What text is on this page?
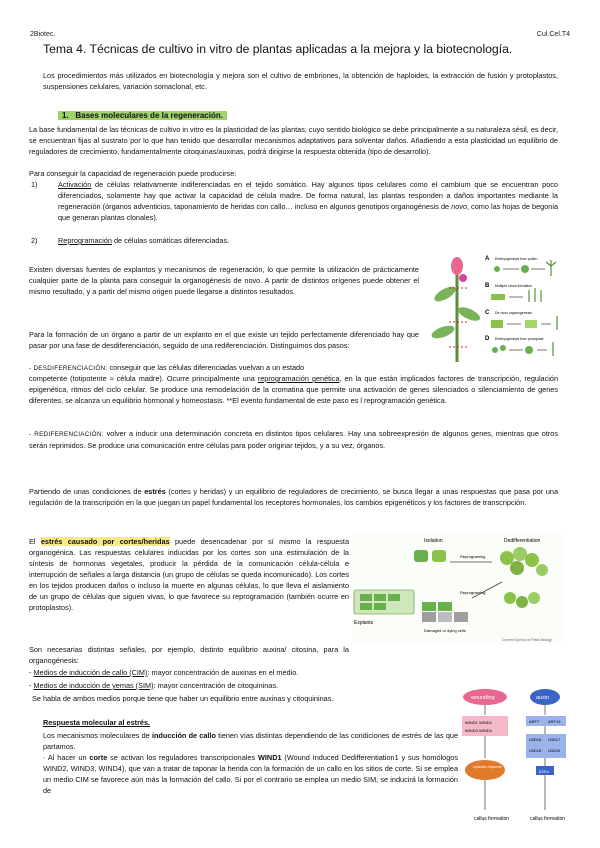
2Biotec.	Cul.Cel.T4
Tema 4. Técnicas de cultivo in vitro de plantas aplicadas a la mejora y la biotecnología.
Los procedimientos más utilizados en biotecnología y mejora son el cultivo de embriones, la obtención de haploides, la extracción de fusión y protoplastos, suspensiones celulares, variación somaclonal, etc.
1. Bases moleculares de la regeneración.
La base fundamental de las técnicas de cultivo in vitro es la plasticidad de las plantas, cuyo sentido biológico se debe principalmente a su naturaleza sésil, es decir, se encuentran fijas al sustrato por lo que han tenido que desarrollar mecanismos adaptativos para solventar daños. Añadiendo a esta plasticidad un equilibrio de reguladores de crecimiento, fundamentalmente citoquinas/auxinas, podrá dirigirse la respuesta obtenida (tipo de desarrollo).
Para conseguir la capacidad de regeneración puede producirse:
1)	Activación de células relativamente indiferenciadas en el tejido somático. Hay algunos tipos celulares como el cambium que se encuentran poco diferenciados, solamente hay que activar la capacidad de célula madre. De forma natural, las plantas responden a daños importantes mediante la regeneración (órganos adventicios, taponamiento de heridas con callo… incluso en algunos genotipos organogénesis de novo, como las hojas de begonia que generan plantas clonales).
2)	Reprogramación de células somáticas diferenciadas.
Existen diversas fuentes de explantos y mecanismos de regeneración, lo que permite la utilización de prácticamente cualquier parte de la planta para conseguir la organogénesis de novo. A partir de distintos orígenes puede obtener el mismo resultado, y a partir del mismo origen puede llegarse a distintos resultados.
Para la formación de un órgano a partir de un explanto en el que existe un tejido perfectamente diferenciado hay que pasar por una fase de desdiferenciación, seguido de una rediferenciación. Distinguimos dos pasos:
- DESDIFERENCIACIÓN: conseguir que las células diferenciadas vuelvan a un estado
competente (totipotente ≈ célula madre). Ocurre principalmente una reprogramación genética, en la que están implicados factores de transcripción, regulación epigenética, ritmos del ciclo celular. Se produce una remodelación de la cromatina que permite una activación de genes silenciados o silenciamiento de genes diferentes, se alcanza un equilibrio hormonal y homeostasis. **El evento fundamental de este paso es l reprogramación genética.
- REDIFERENCIACIÓN: volver a inducir una determinación concreta en distintos tipos celulares. Hay una sobreexpresión de algunos genes, mientras que otros serán reprimidos. Se produce una comunicación entre células para poder originar tejidos, y a su vez, órganos.
Partiendo de unas condiciones de estrés (cortes y heridas) y un equilibrio de reguladores de crecimiento, se busca llegar a unas respuestas que pasa por una regulación de la transcripción en la que juegan un papel fundamental los receptores hormonales, los cambios epigenéticos y los factores de transcripción.
El estrés causado por cortes/heridas puede desencadenar por sí mismo la respuesta organogénica. Las respuestas celulares inducidas por los cortes son una estimulación de la síntesis de hormonas vegetales, producir la pérdida de la comunicación célula-célula e interrupción de señales a larga distancia (un grupo de células se queda incomunicado). Los cortes en los tejidos producen daños o incluso la muerte en algunas células, lo que lleva el aislamiento de un grupo de células que siguen vivas, lo que favorece su reprogramación (también ocurre en protoplastos).
Son necesarias distintas señales, por ejemplo, distinto equilibrio auxina/ citosina, para la organogénesis:
- Medios de inducción de callo (CIM): mayor concentración de auxinas en el medio.
- Medios de inducción de yemas (SIM): mayor concentración de citoquininas.
Se habla de ambos medios porque tiene que haber un equilibrio entre auxinas y citoquininas.
Respuesta molecular al estrés.
Los mecanismos moleculares de inducción de callo tienen vías distintas dependiendo de las condiciones de estrés de las que partamos.
· Al hacer un corte se activan los reguladores transcripcionales WIND1 (Wound Induced Dedifferentiation1 y sus homólogos WIND2, WIND3, WIND4), que van a tratar de taponar la herida con la formación de un callo en los sitios de corte. Si se emplea un medio CIM se favorece aún más la formación del callo. Si por el contrario se emplea un medio SIM, se inducirá la formación de
A Embryogenesis from pollen
B Multiple shoot formation
C De novo organogenesis
D Embryogenesis from protoplast
Isolation	Dedifferentiation
Reprograming
Explants
Damaged or dying cells
Reprograming
Current Opinion in Plant Biology
wounding	auxin
WIND1 WIND2
WIND3 WIND4
ARF7 ARF19
LBD16 LBD17
LBD18 LBD29
cytokinin response
E2Fa
callus formation	callus formation
